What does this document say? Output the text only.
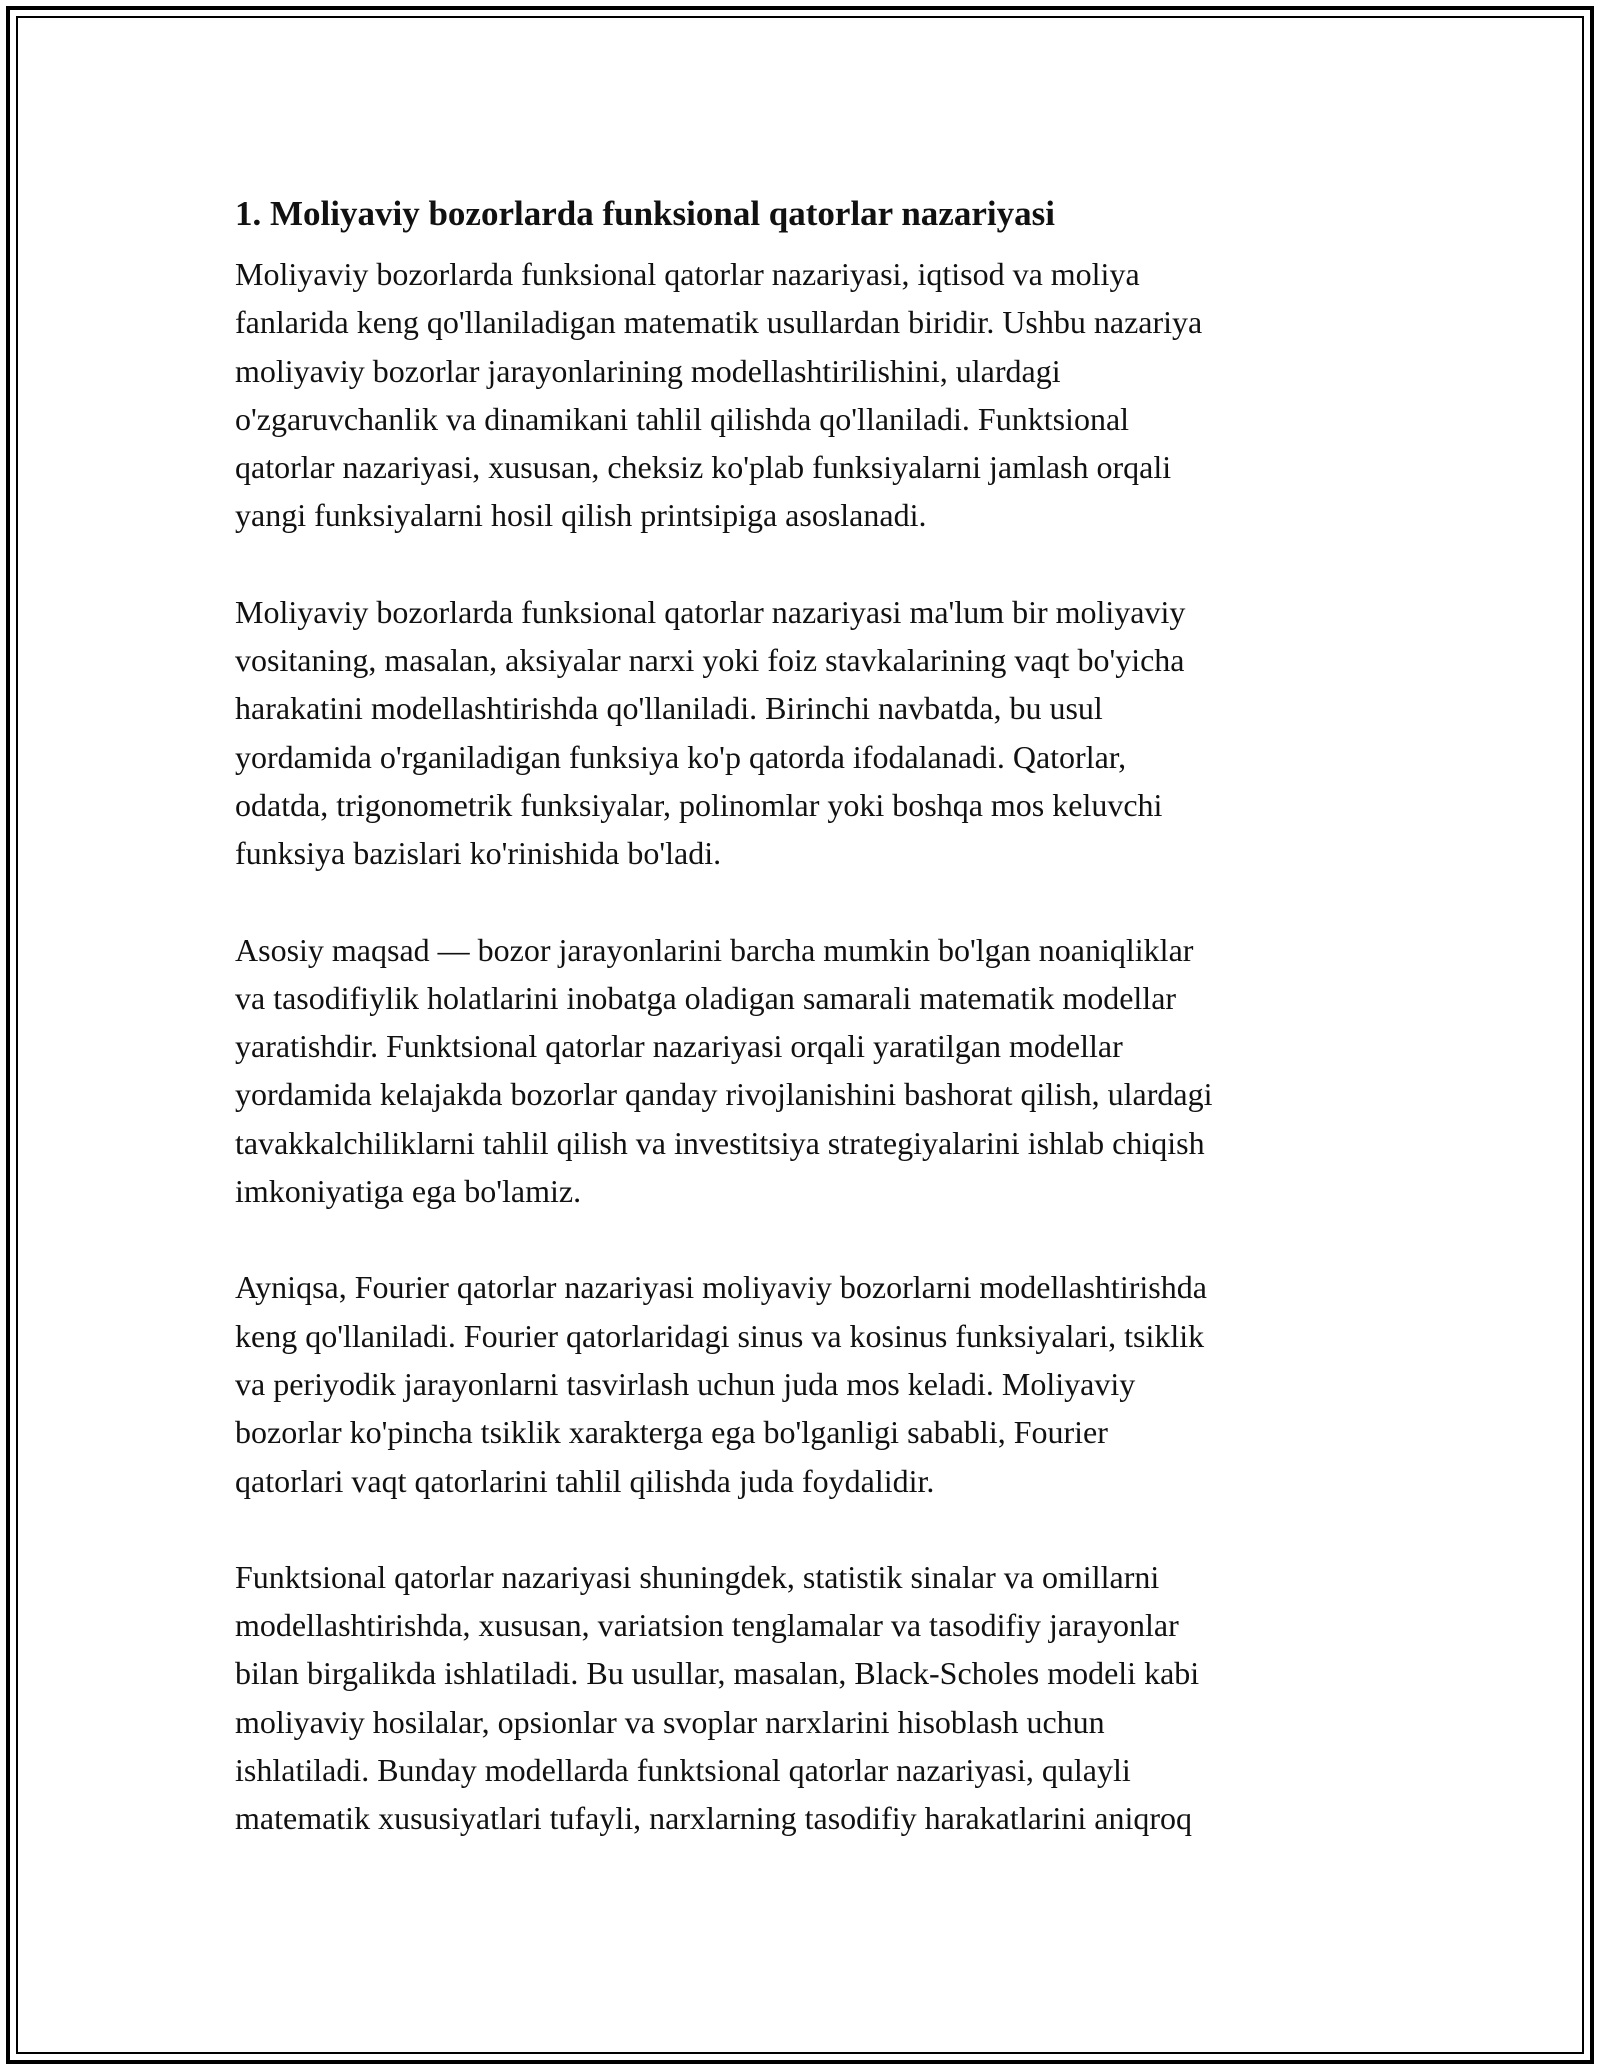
1. Moliyaviy bozorlarda funksional qatorlar nazariyasi

Moliyaviy bozorlarda funksional qatorlar nazariyasi, iqtisod va moliya
fanlarida keng qo'llaniladigan matematik usullardan biridir. Ushbu nazariya
moliyaviy bozorlar jarayonlarining modellashtirilishini, ulardagi
o'zgaruvchanlik va dinamikani tahlil qilishda qo'llaniladi. Funktsional
qatorlar nazariyasi, xususan, cheksiz ko'plab funksiyalarni jamlash orqali
yangi funksiyalarni hosil qilish printsipiga asoslanadi.

Moliyaviy bozorlarda funksional qatorlar nazariyasi ma'lum bir moliyaviy
vositaning, masalan, aksiyalar narxi yoki foiz stavkalarining vaqt bo'yicha
harakatini modellashtirishda qo'llaniladi. Birinchi navbatda, bu usul
yordamida o'rganiladigan funksiya ko'p qatorda ifodalanadi. Qatorlar,
odatda, trigonometrik funksiyalar, polinomlar yoki boshqa mos keluvchi
funksiya bazislari ko'rinishida bo'ladi.

Asosiy maqsad — bozor jarayonlarini barcha mumkin bo'lgan noaniqliklar
va tasodifiylik holatlarini inobatga oladigan samarali matematik modellar
yaratishdir. Funktsional qatorlar nazariyasi orqali yaratilgan modellar
yordamida kelajakda bozorlar qanday rivojlanishini bashorat qilish, ulardagi
tavakkalchiliklarni tahlil qilish va investitsiya strategiyalarini ishlab chiqish
imkoniyatiga ega bo'lamiz.

Ayniqsa, Fourier qatorlar nazariyasi moliyaviy bozorlarni modellashtirishda
keng qo'llaniladi. Fourier qatorlaridagi sinus va kosinus funksiyalari, tsiklik
va periyodik jarayonlarni tasvirlash uchun juda mos keladi. Moliyaviy
bozorlar ko'pincha tsiklik xarakterga ega bo'lganligi sababli, Fourier
qatorlari vaqt qatorlarini tahlil qilishda juda foydalidir.

Funktsional qatorlar nazariyasi shuningdek, statistik sinalar va omillarni
modellashtirishda, xususan, variatsion tenglamalar va tasodifiy jarayonlar
bilan birgalikda ishlatiladi. Bu usullar, masalan, Black-Scholes modeli kabi
moliyaviy hosilalar, opsionlar va svoplar narxlarini hisoblash uchun
ishlatiladi. Bunday modellarda funktsional qatorlar nazariyasi, qulayli
matematik xususiyatlari tufayli, narxlarning tasodifiy harakatlarini aniqroq
